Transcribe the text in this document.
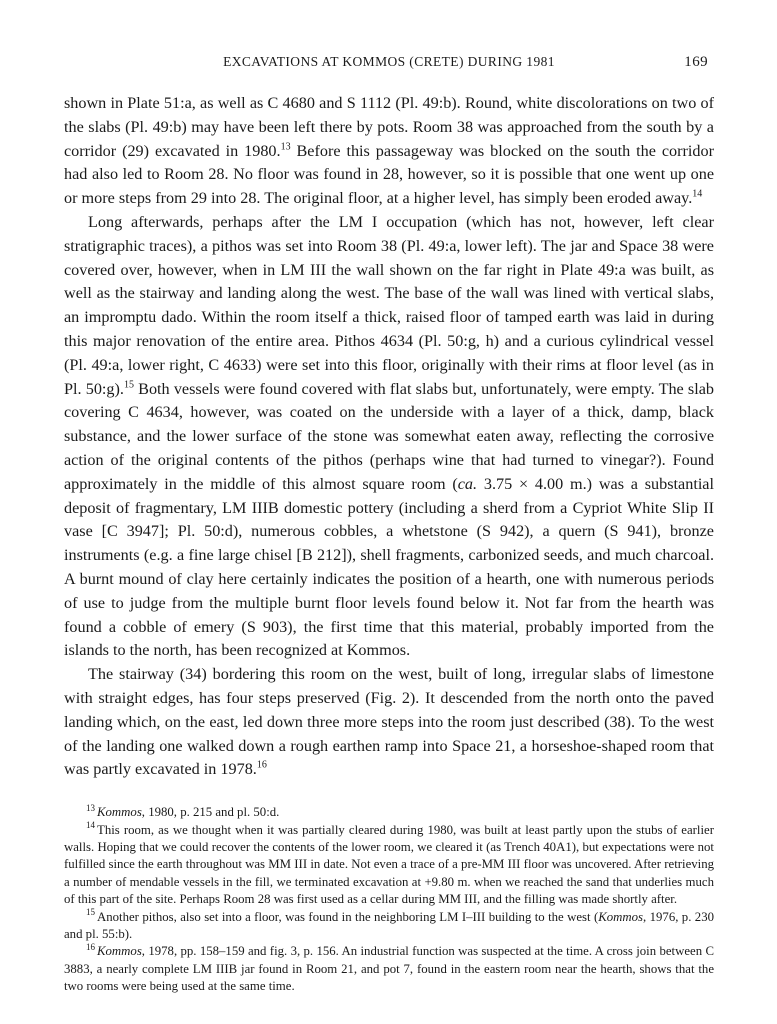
EXCAVATIONS AT KOMMOS (CRETE) DURING 1981	169

shown in Plate 51:a, as well as C 4680 and S 1112 (Pl. 49:b). Round, white discolorations on two of the slabs (Pl. 49:b) may have been left there by pots. Room 38 was approached from the south by a corridor (29) excavated in 1980.13 Before this passageway was blocked on the south the corridor had also led to Room 28. No floor was found in 28, however, so it is possible that one went up one or more steps from 29 into 28. The original floor, at a higher level, has simply been eroded away.$^{14}$

Long afterwards, perhaps after the LM I occupation (which has not, however, left clear stratigraphic traces), a pithos was set into Room 38 (Pl. 49:a, lower left). The jar and Space 38 were covered over, however, when in LM III the wall shown on the far right in Plate 49:a was built, as well as the stairway and landing along the west. The base of the wall was lined with vertical slabs, an impromptu dado. Within the room itself a thick, raised floor of tamped earth was laid in during this major renovation of the entire area. Pithos 4634 (Pl. 50:g, h) and a curious cylindrical vessel (Pl. 49:a, lower right, C 4633) were set into this floor, originally with their rims at floor level (as in Pl. 50:g).$^{15}$ Both vessels were found covered with flat slabs but, unfortunately, were empty. The slab covering C 4634, however, was coated on the underside with a layer of a thick, damp, black substance, and the lower surface of the stone was somewhat eaten away, reflecting the corrosive action of the original contents of the pithos (perhaps wine that had turned to vinegar?). Found approximately in the middle of this almost square room (ca. 3.75 × 4.00 m.) was a substantial deposit of fragmentary, LM IIIB domestic pottery (including a sherd from a Cypriot White Slip II vase [C 3947]; Pl. 50:d), numerous cobbles, a whetstone (S 942), a quern (S 941), bronze instruments (e.g. a fine large chisel [B 212]), shell fragments, carbonized seeds, and much charcoal. A burnt mound of clay here certainly indicates the position of a hearth, one with numerous periods of use to judge from the multiple burnt floor levels found below it. Not far from the hearth was found a cobble of emery (S 903), the first time that this material, probably imported from the islands to the north, has been recognized at Kommos.

The stairway (34) bordering this room on the west, built of long, irregular slabs of limestone with straight edges, has four steps preserved (Fig. 2). It descended from the north onto the paved landing which, on the east, led down three more steps into the room just described (38). To the west of the landing one walked down a rough earthen ramp into Space 21, a horseshoe-shaped room that was partly excavated in 1978.16

$^{13}$ Kommos, 1980, p. 215 and pl. 50:d.

$^{14}$ This room, as we thought when it was partially cleared during 1980, was built at least partly upon the stubs of earlier walls. Hoping that we could recover the contents of the lower room, we cleared it (as Trench 40A1), but expectations were not fulfilled since the earth throughout was MM III in date. Not even a trace of a pre-MM III floor was uncovered. After retrieving a number of mendable vessels in the fill, we terminated excavation at +9.80 m. when we reached the sand that underlies much of this part of the site. Perhaps Room 28 was first used as a cellar during MM III, and the filling was made shortly after.

$^{15}$ Another pithos, also set into a floor, was found in the neighboring LM I–III building to the west (Kommos, 1976, p. 230 and pl. 55:b).

$^{16}$ Kommos, 1978, pp. 158–159 and fig. 3, p. 156. An industrial function was suspected at the time. A cross join between C 3883, a nearly complete LM IIIB jar found in Room 21, and pot 7, found in the eastern room near the hearth, shows that the two rooms were being used at the same time.
